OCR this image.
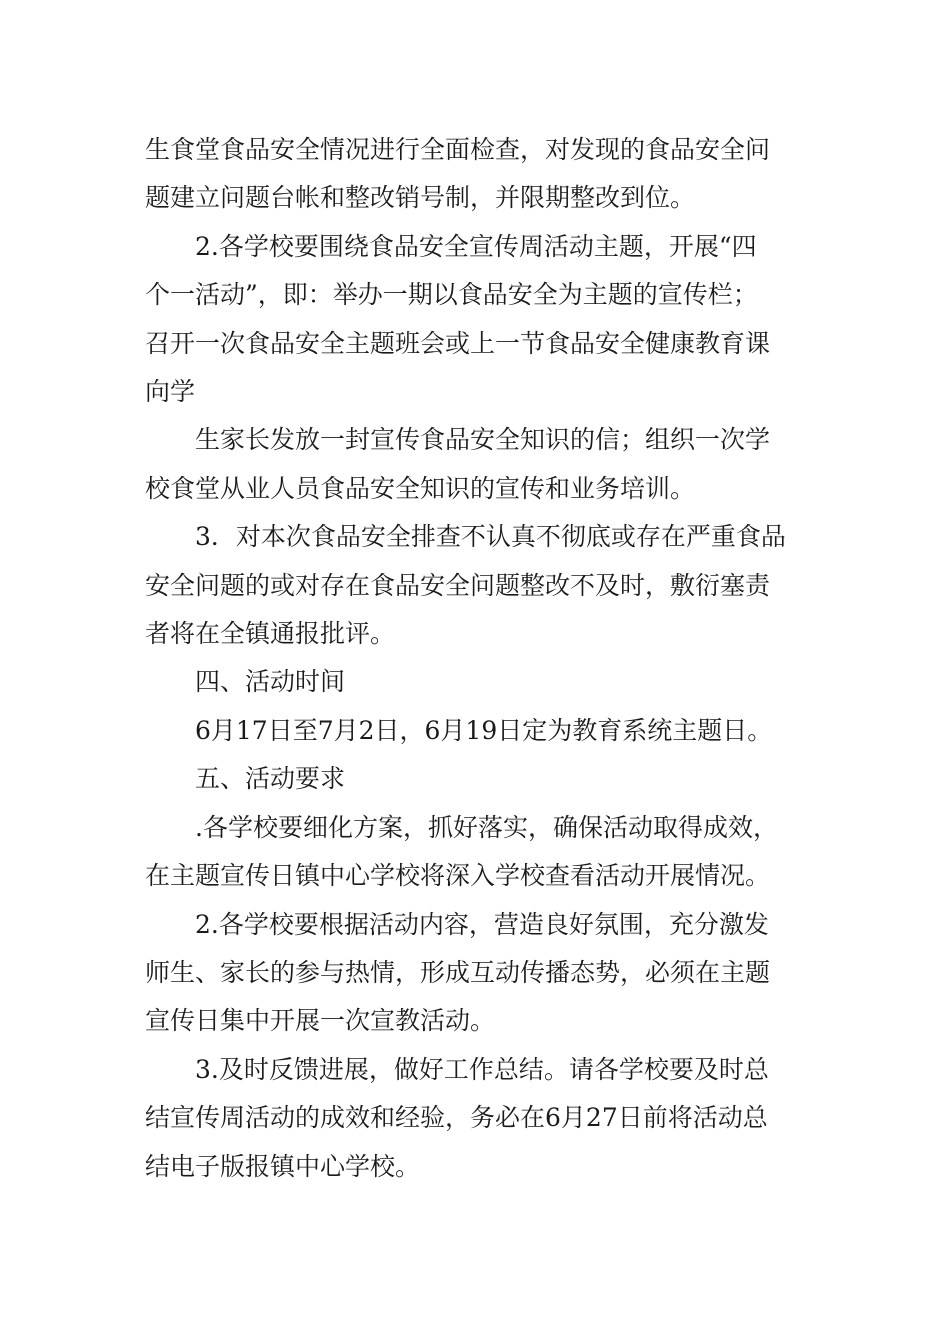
生食堂食品安全情况进行全面检查，对发现的食品安全问

题建立问题台帐和整改销号制，并限期整改到位。

2.各学校要围绕食品安全宣传周活动主题，开展“四

个一活动”，即：举办一期以食品安全为主题的宣传栏；

召开一次食品安全主题班会或上一节食品安全健康教育课

向学

生家长发放一封宣传食品安全知识的信；组织一次学

校食堂从业人员食品安全知识的宣传和业务培训。

3．对本次食品安全排查不认真不彻底或存在严重食品

安全问题的或对存在食品安全问题整改不及时，敷衍塞责

者将在全镇通报批评。

四、活动时间

6月17日至7月2日，6月19日定为教育系统主题日。

五、活动要求

.各学校要细化方案，抓好落实，确保活动取得成效，

在主题宣传日镇中心学校将深入学校查看活动开展情况。

2.各学校要根据活动内容，营造良好氛围，充分激发

师生、家长的参与热情，形成互动传播态势，必须在主题

宣传日集中开展一次宣教活动。

3.及时反馈进展，做好工作总结。请各学校要及时总

结宣传周活动的成效和经验，务必在6月27日前将活动总

结电子版报镇中心学校。
